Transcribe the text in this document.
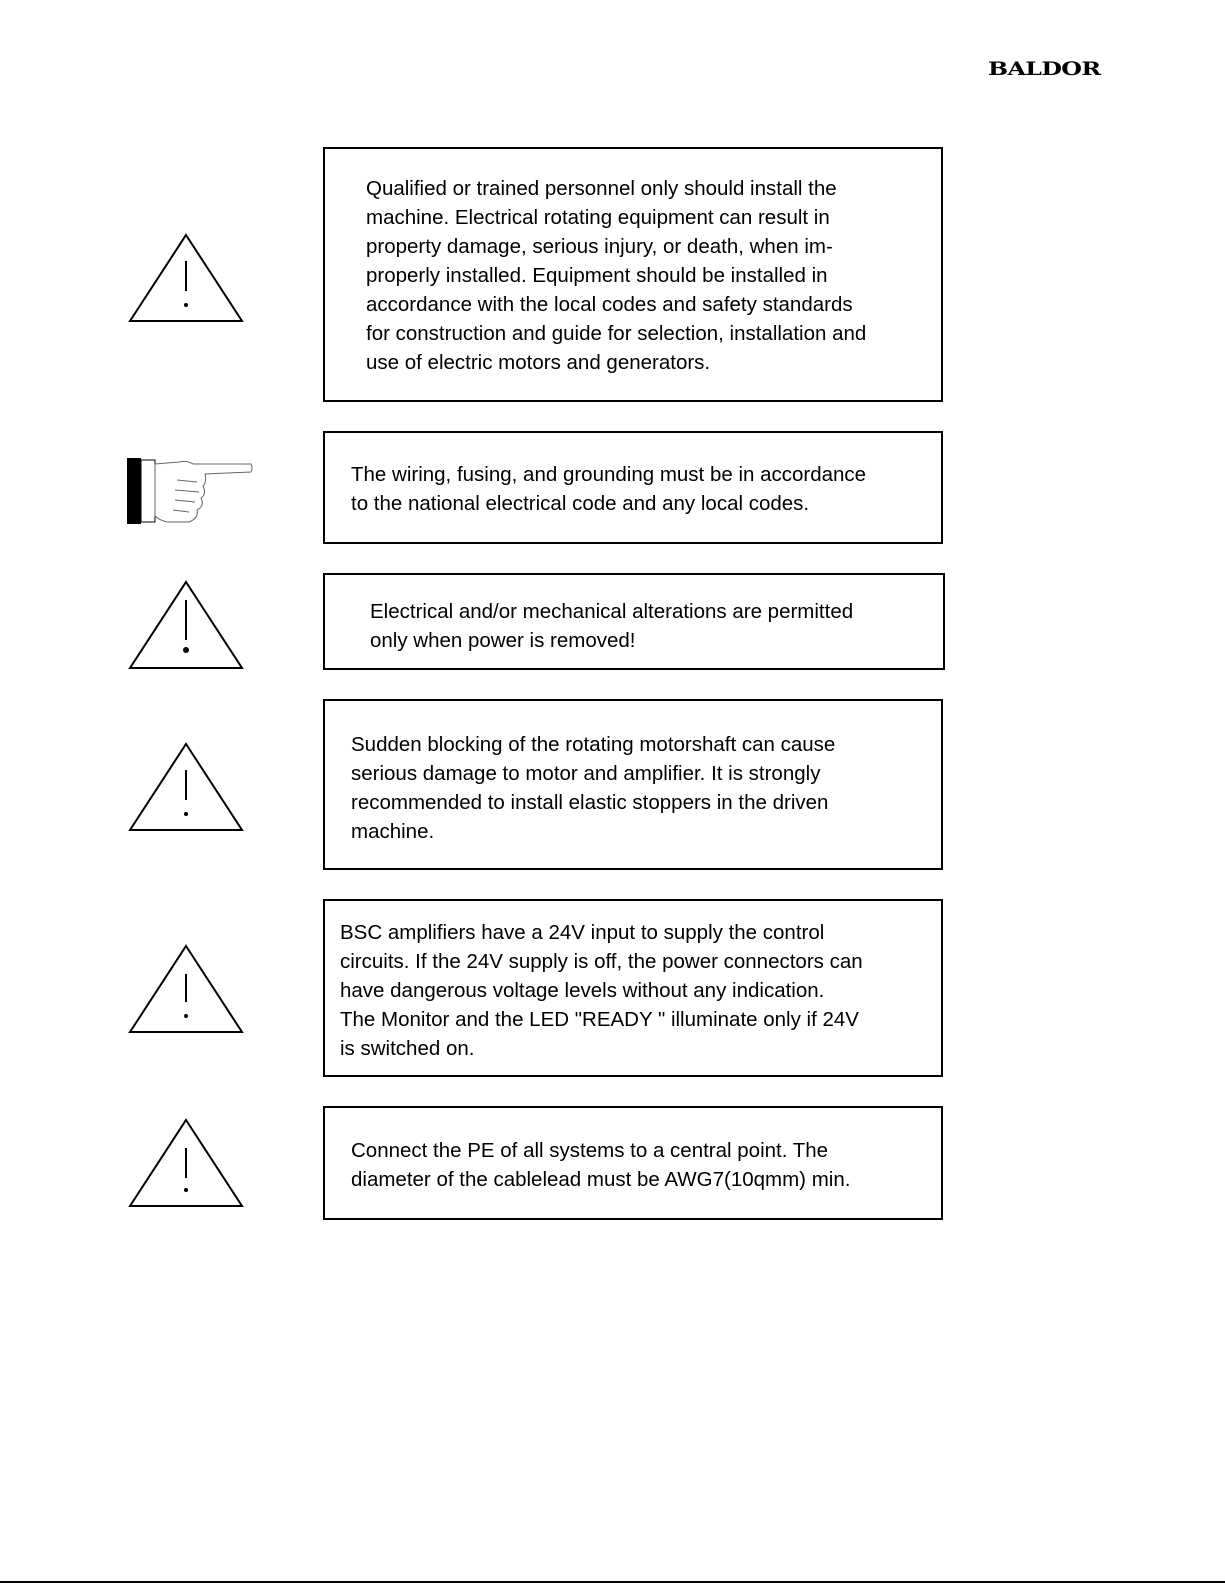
BALDOR

Qualified or trained personnel only should install the
machine. Electrical rotating equipment can result in
property damage, serious injury, or death, when im-
properly installed. Equipment should be installed in
accordance with the local codes and safety standards
for construction and guide for selection, installation and
use of electric motors and generators.

The wiring, fusing, and grounding must be in accordance
to the national electrical code and any local codes.

Electrical and/or mechanical alterations are permitted
only when power is removed!

Sudden blocking of the rotating motorshaft can cause
serious damage to motor and amplifier. It is strongly
recommended to install elastic stoppers in the driven
machine.

BSC amplifiers have a 24V input to supply the control
circuits. If the 24V supply is off, the power connectors can
have dangerous voltage levels without any indication.
The Monitor and the LED "READY " illuminate only if 24V
is switched on.

Connect the PE of all systems to a central point. The
diameter of the cablelead must be AWG7(10qmm) min.
